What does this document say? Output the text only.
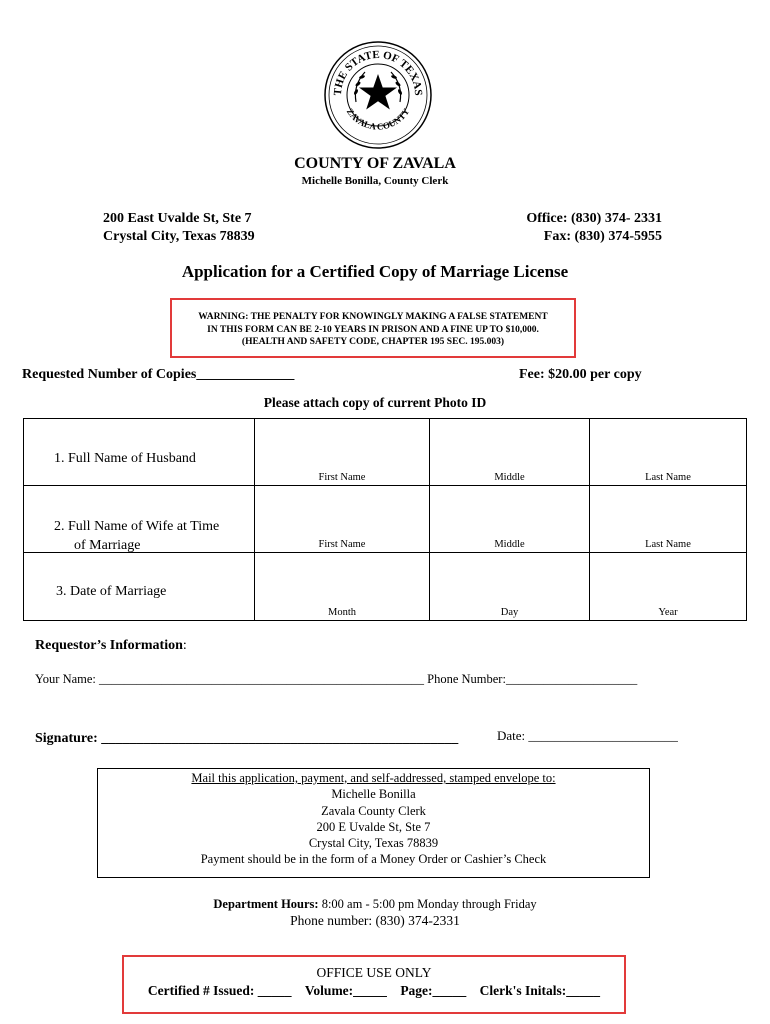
THE STATE OF TEXAS
ZAVALA COUNTY
COUNTY OF ZAVALA
Michelle Bonilla, County Clerk
200 East Uvalde St, Ste 7
Crystal City, Texas 78839
Office: (830) 374- 2331
Fax: (830) 374-5955
Application for a Certified Copy of Marriage License
WARNING: THE PENALTY FOR KNOWINGLY MAKING A FALSE STATEMENT
IN THIS FORM CAN BE 2-10 YEARS IN PRISON AND A FINE UP TO $10,000.
(HEALTH AND SAFETY CODE, CHAPTER 195 SEC. 195.003)
Requested Number of Copies______________	Fee: $20.00 per copy
Please attach copy of current Photo ID
1. Full Name of Husband	First Name	Middle	Last Name

2. Full Name of Wife at Time
of Marriage	First Name	Middle	Last Name

3. Date of Marriage	Month	Day	Year
Requestor’s Information:
Your Name: ____________________________________________________ Phone Number:_____________________
Signature: ___________________________________________________	Date: _______________________
Mail this application, payment, and self-addressed, stamped envelope to:
Michelle Bonilla
Zavala County Clerk
200 E Uvalde St, Ste 7
Crystal City, Texas 78839
Payment should be in the form of a Money Order or Cashier’s Check
Department Hours: 8:00 am - 5:00 pm Monday through Friday
Phone number: (830) 374-2331
OFFICE USE ONLY
Certified # Issued: _____ Volume:_____ Page:_____ Clerk's Initals:_____
